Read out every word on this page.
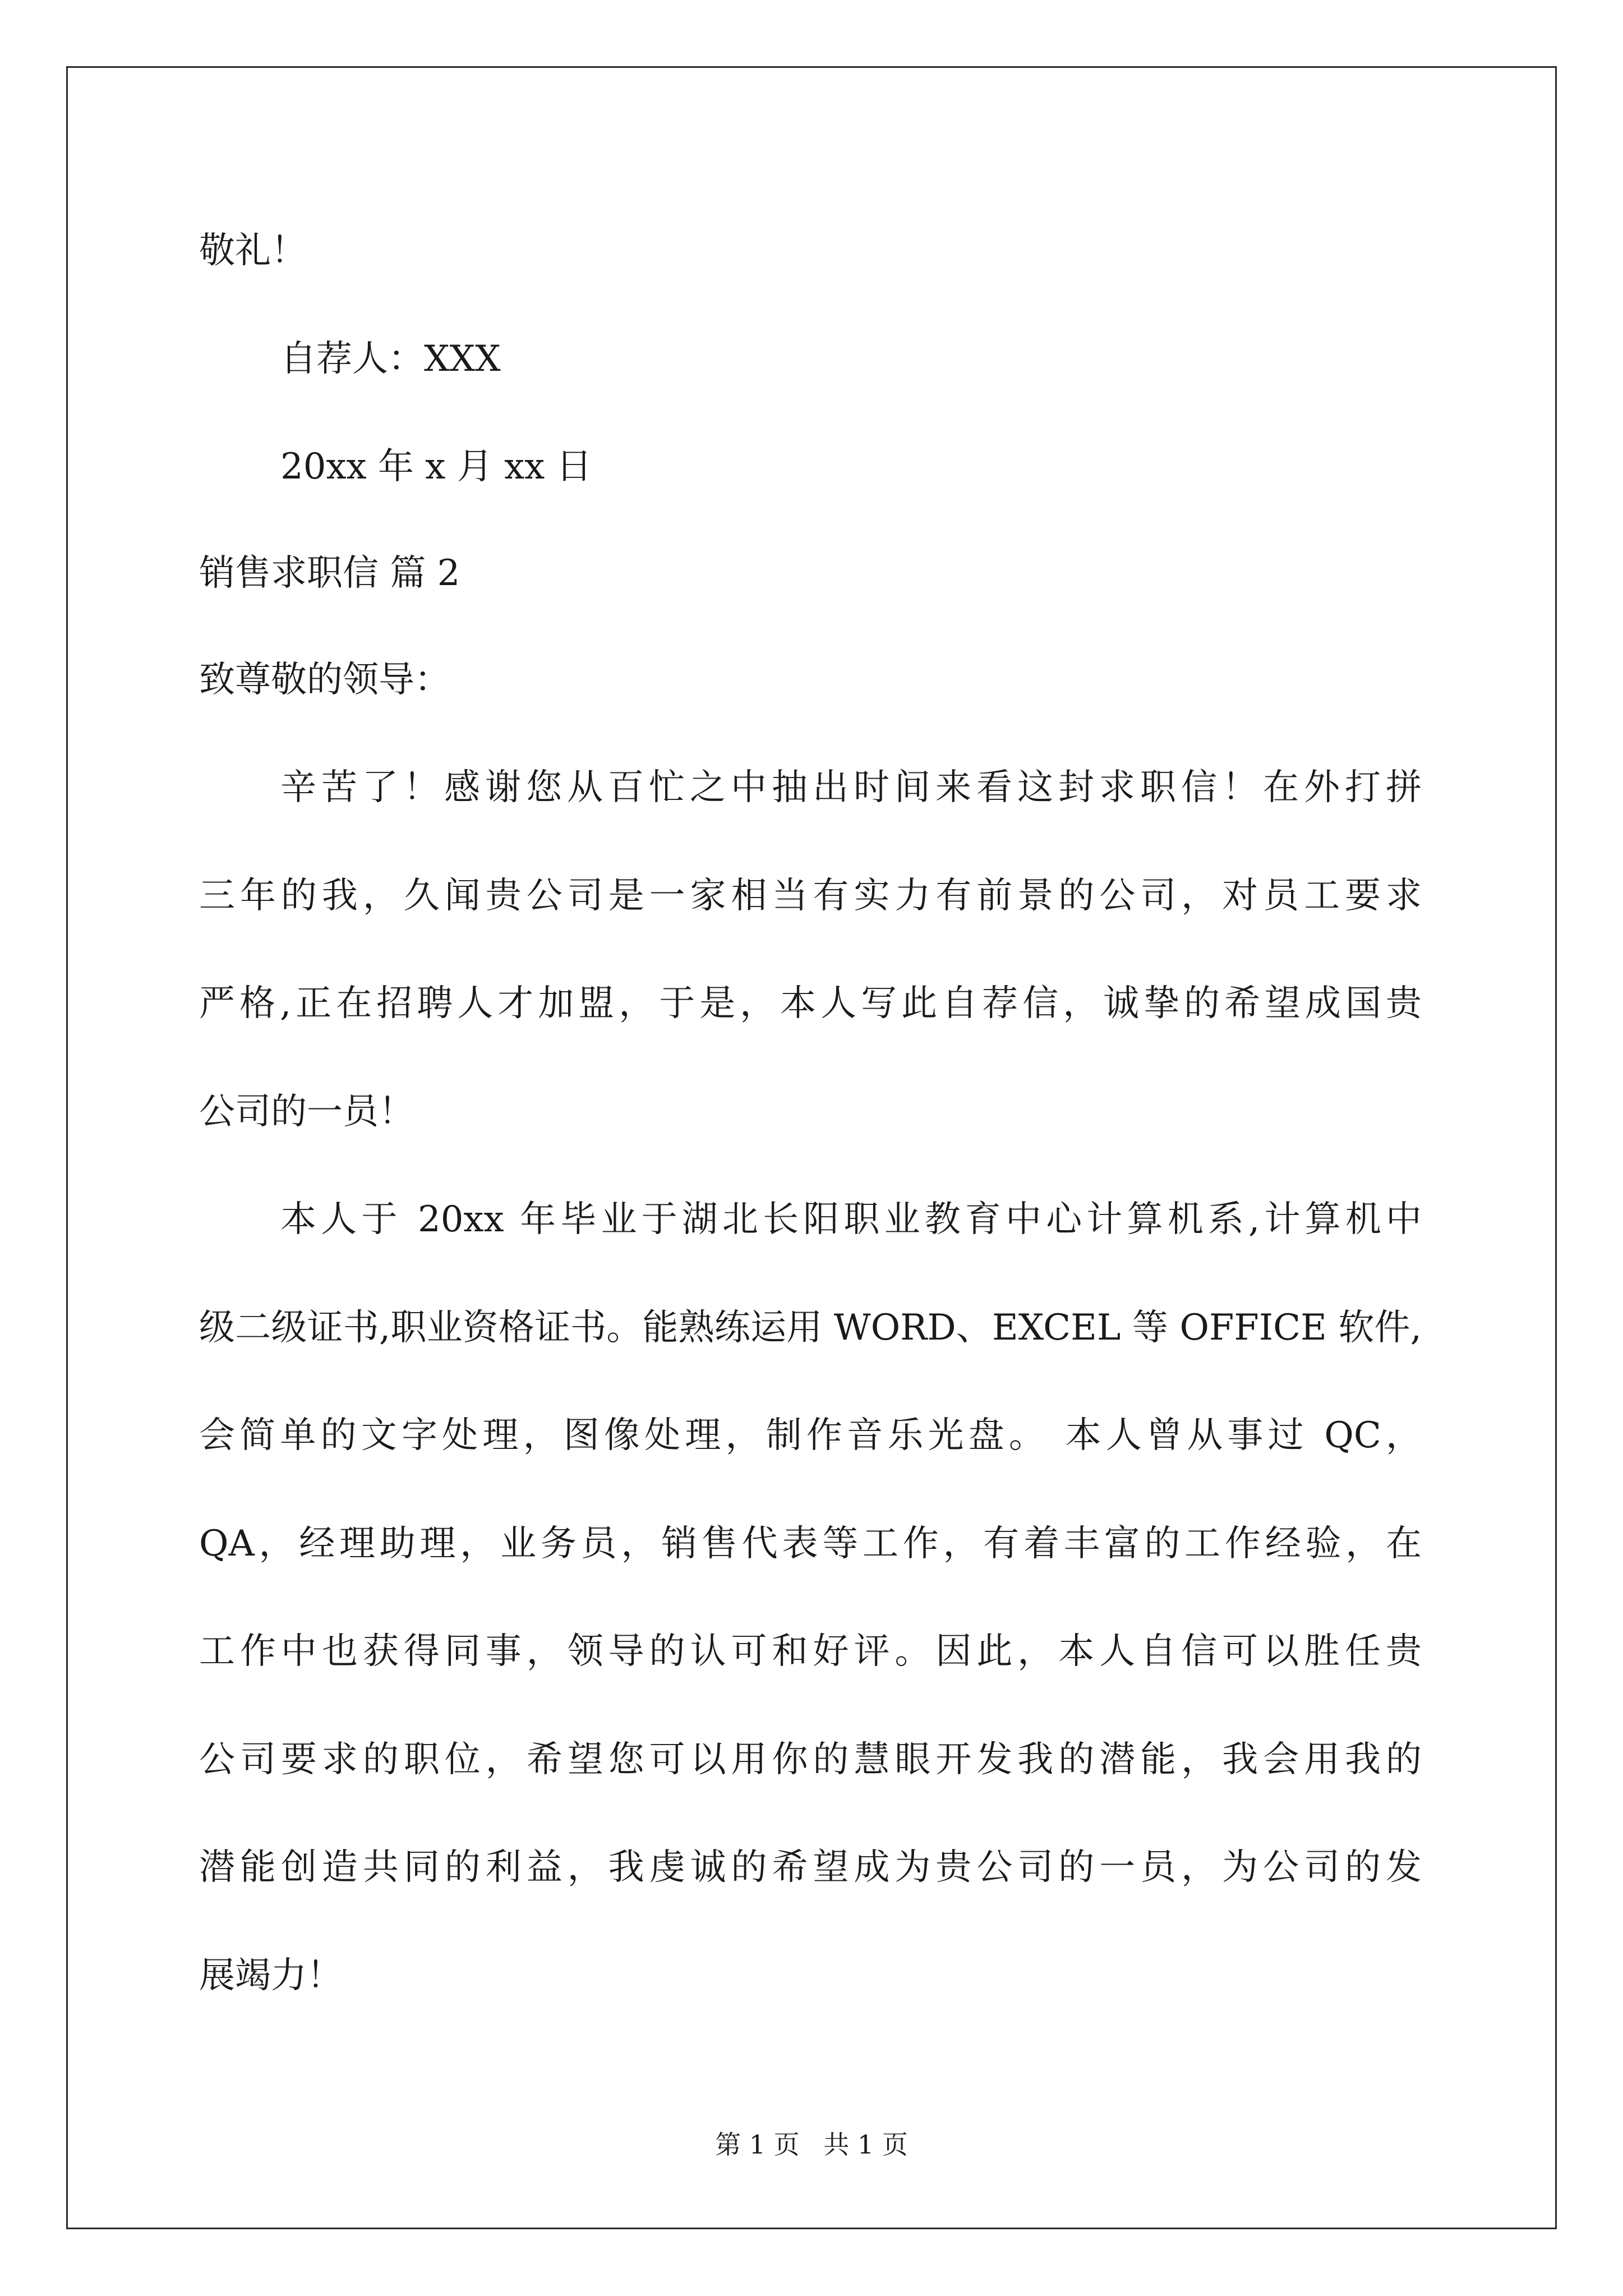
敬礼！

自荐人：XXX

20xx 年 x 月 xx 日

销售求职信 篇 2

致尊敬的领导：

辛苦了！感谢您从百忙之中抽出时间来看这封求职信！在外打拼

三年的我，久闻贵公司是一家相当有实力有前景的公司，对员工要求

严格,正在招聘人才加盟，于是，本人写此自荐信，诚挚的希望成国贵

公司的一员！

本人于 20xx 年毕业于湖北长阳职业教育中心计算机系,计算机中

级二级证书,职业资格证书。能熟练运用 WORD、EXCEL 等 OFFICE 软件,

会简单的文字处理，图像处理，制作音乐光盘。 本人曾从事过 QC，

QA，经理助理，业务员，销售代表等工作，有着丰富的工作经验，在

工作中也获得同事，领导的认可和好评。因此，本人自信可以胜任贵

公司要求的职位，希望您可以用你的慧眼开发我的潜能，我会用我的

潜能创造共同的利益，我虔诚的希望成为贵公司的一员，为公司的发

展竭力！

第 1 页 共 1 页
